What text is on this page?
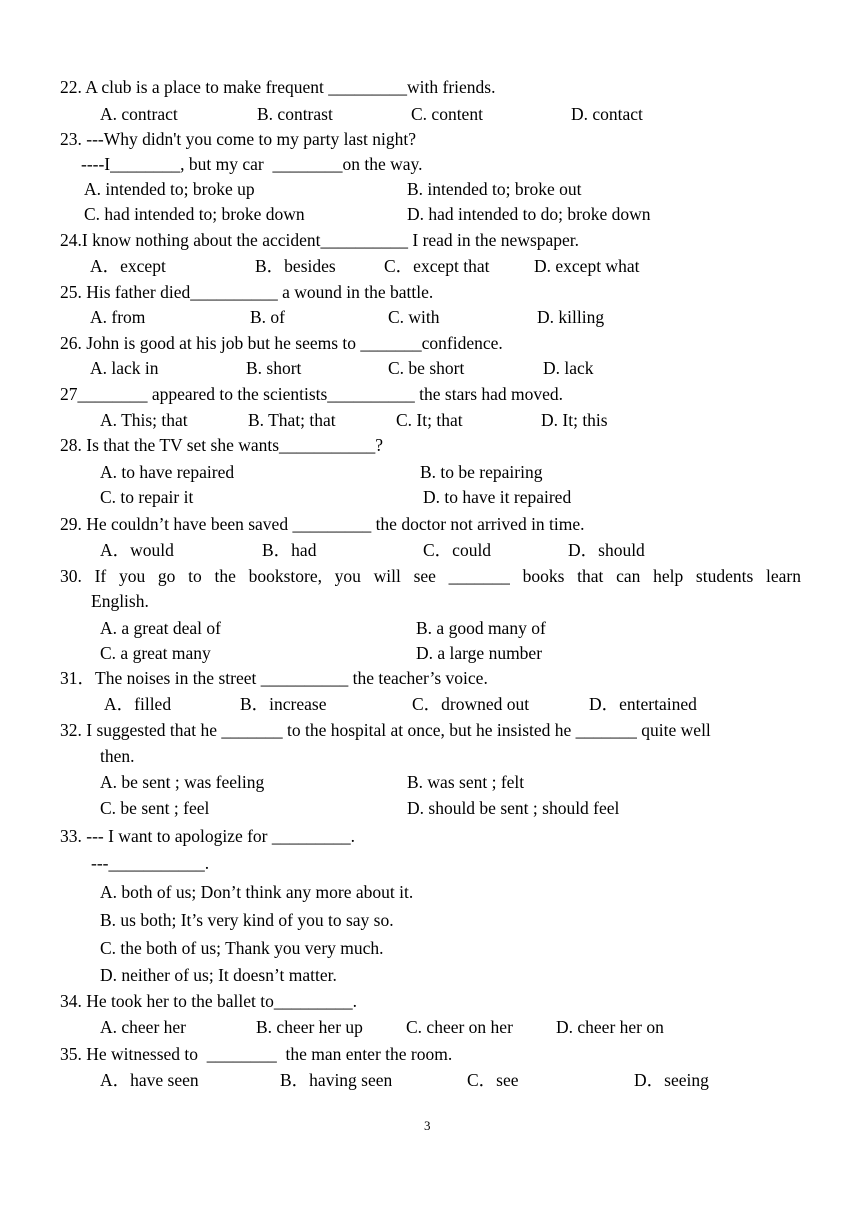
22. A club is a place to make frequent _________with friends.

A. contract	B. contrast	C. content	D. contact

23. ---Why didn't you come to my party last night?

----I________, but my car  ________on the way.

A. intended to; broke up	B. intended to; broke out

C. had intended to; broke down	D. had intended to do; broke down

24.I know nothing about the accident__________ I read in the newspaper.

A．except	B．besides	C．except that	D. except what

25. His father died__________ a wound in the battle.

A. from	B. of	C. with	D. killing

26. John is good at his job but he seems to _______confidence.

A. lack in	B. short	C. be short	D. lack

27________ appeared to the scientists__________ the stars had moved.

A. This; that	B. That; that	C. It; that	D. It; this

28. Is that the TV set she wants___________?

A. to have repaired	B. to be repairing

C. to repair it	D. to have it repaired

29. He couldn’t have been saved _________ the doctor not arrived in time.

A．would	B．had	C．could	D．should

30. If you go to the bookstore, you will see _______ books that can help students learn

English.

A. a great deal of	B. a good many of

C. a great many	D. a large number

31．The noises in the street __________ the teacher’s voice.

A．filled	B．increase	C．drowned out	D．entertained

32. I suggested that he _______ to the hospital at once, but he insisted he _______ quite well

then.

A. be sent ; was feeling	B. was sent ; felt

C. be sent ; feel	D. should be sent ; should feel

33. --- I want to apologize for _________.

---___________.

A. both of us; Don’t think any more about it.

B. us both; It’s very kind of you to say so.

C. the both of us; Thank you very much.

D. neither of us; It doesn’t matter.

34. He took her to the ballet to_________.

A. cheer her	B. cheer her up C. cheer on her D. cheer her on

35. He witnessed to  ________  the man enter the room.

A．have seen	B．having seen	C．see	D．seeing

3
